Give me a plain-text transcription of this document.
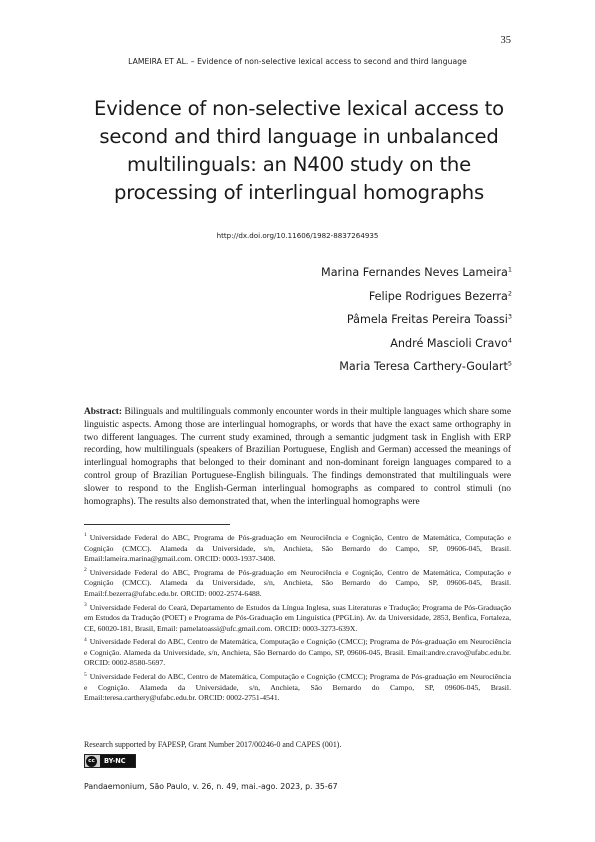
35
LAMEIRA ET AL. – Evidence of non-selective lexical access to second and third language
Evidence of non-selective lexical access to second and third language in unbalanced multilinguals: an N400 study on the processing of interlingual homographs
http://dx.doi.org/10.11606/1982-8837264935
Marina Fernandes Neves Lameira$^1$
Felipe Rodrigues Bezerra$^2$
Pâmela Freitas Pereira Toassi$^3$
André Mascioli Cravo$^4$
Maria Teresa Carthery-Goulart$^5$

Abstract: Bilinguals and multilinguals commonly encounter words in their multiple languages which share some linguistic aspects. Among those are interlingual homographs, or words that have the exact same orthography in two different languages. The current study examined, through a semantic judgment task in English with ERP recording, how multilinguals (speakers of Brazilian Portuguese, English and German) accessed the meanings of interlingual homographs that belonged to their dominant and non-dominant foreign languages compared to a control group of Brazilian Portuguese-English bilinguals. The findings demonstrated that multilinguals were slower to respond to the English-German interlingual homographs as compared to control stimuli (no homographs). The results also demonstrated that, when the interlingual homographs were

$^1$ Universidade Federal do ABC, Programa de Pós-graduação em Neurociência e Cognição, Centro de Matemática, Computação e Cognição (CMCC). Alameda da Universidade, s/n, Anchieta, São Bernardo do Campo, SP, 09606-045, Brasil. Email:lameira.marina@gmail.com. ORCID: 0003-1937-3408.

$^2$ Universidade Federal do ABC, Programa de Pós-graduação em Neurociência e Cognição, Centro de Matemática, Computação e Cognição (CMCC). Alameda da Universidade, s/n, Anchieta, São Bernardo do Campo, SP, 09606-045, Brasil. Email:f.bezerra@ufabc.edu.br. ORCID: 0002-2574-6488.

$^3$ Universidade Federal do Ceará, Departamento de Estudos da Língua Inglesa, suas Literaturas e Tradução; Programa de Pós-Graduação em Estudos da Tradução (POET) e Programa de Pós-Graduação em Linguística (PPGLin). Av. da Universidade, 2853, Benfica, Fortaleza, CE, 60020-181, Brasil, Email: pamelatoassi@ufc.gmail.com. ORCID: 0003-3273-639X.

$^4$ Universidade Federal do ABC, Centro de Matemática, Computação e Cognição (CMCC); Programa de Pós-graduação em Neurociência e Cognição. Alameda da Universidade, s/n, Anchieta, São Bernardo do Campo, SP, 09606-045, Brasil. Email:andre.cravo@ufabc.edu.br. ORCID: 0002-8580-5697.

$^5$ Universidade Federal do ABC, Centro de Matemática, Computação e Cognição (CMCC); Programa de Pós-graduação em Neurociência e Cognição. Alameda da Universidade, s/n, Anchieta, São Bernardo do Campo, SP, 09606-045, Brasil. Email:teresa.carthery@ufabc.edu.br. ORCID: 0002-2751-4541.

Research supported by FAPESP, Grant Number 2017/00246-0 and CAPES (001).
cc	BY-NC
Pandaemonium, São Paulo, v. 26, n. 49, mai.-ago. 2023, p. 35-67
